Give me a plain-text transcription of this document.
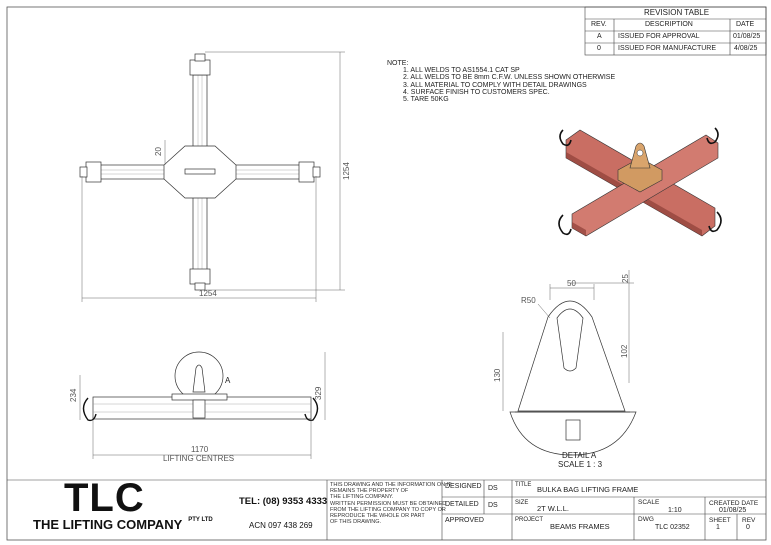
1254
1254
20
1170
LIFTING CENTRES
234	329
A
50
R50
25
102
130
DETAIL A
SCALE 1 : 3
REVISION TABLE
REV.	DESCRIPTION	DATE
A ISSUED FOR APPROVAL	01/08/25
0 ISSUED FOR MANUFACTURE	4/08/25
NOTE:
1. ALL WELDS TO AS1554.1 CAT SP
2. ALL WELDS TO BE 8mm C.F.W. UNLESS SHOWN OTHERWISE
3. ALL MATERIAL TO COMPLY WITH DETAIL DRAWINGS
4. SURFACE FINISH TO CUSTOMERS SPEC.
5. TARE 50KG
TLC
THE LIFTING COMPANY $^{PTY LTD}$
TEL: (08) 9353 4333
ACN 097 438 269
THIS DRAWING AND THE INFORMATION ON IT
REMAINS THE PROPERTY OF
THE LIFTING COMPANY.
WRITTEN PERMISSION MUST BE OBTAINED
FROM THE LIFTING COMPANY TO COPY OR
REPRODUCE THE WHOLE OR PART
OF THIS DRAWING.
DESIGNED DS
DETAILED DS
APPROVED
TITLE BULKA BAG LIFTING FRAME
SIZE
2T W.L.L.
PROJECT
BEAMS FRAMES
SCALE
1:10
DWG
TLC 02352
CREATED DATE
01/08/25
SHEET
1
REV
0
